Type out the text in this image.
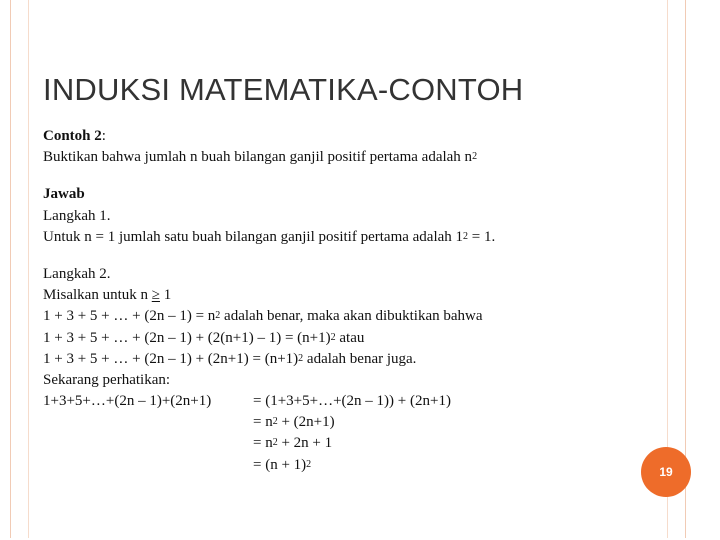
INDUKSI MATEMATIKA-CONTOH
Contoh 2:
Buktikan bahwa jumlah n buah bilangan ganjil positif pertama adalah $n^2$
Jawab
Langkah 1.
Untuk n = 1 jumlah satu buah bilangan ganjil positif pertama adalah $1^2 = 1$.
Langkah 2.
Misalkan untuk n ≥ 1
1 + 3 + 5 + … + $(2n - 1) = n^2$ adalah benar, maka akan dibuktikan bahwa
1 + 3 + 5 + … + $(2n - 1) + (2(n+1) - 1) = (n+1)^2$ atau
1 + 3 + 5 + … + $(2n - 1) + (2n+1) = (n+1)^2$ adalah benar juga.
Sekarang perhatikan:
1+3+5+…+(2n – 1)+(2n+1)	= (1+3+5+…+(2n – 1)) + (2n+1)
= $n^2 + (2n+1)$
= $n^2 + 2n + 1$
= $(n + 1)^2$
19
